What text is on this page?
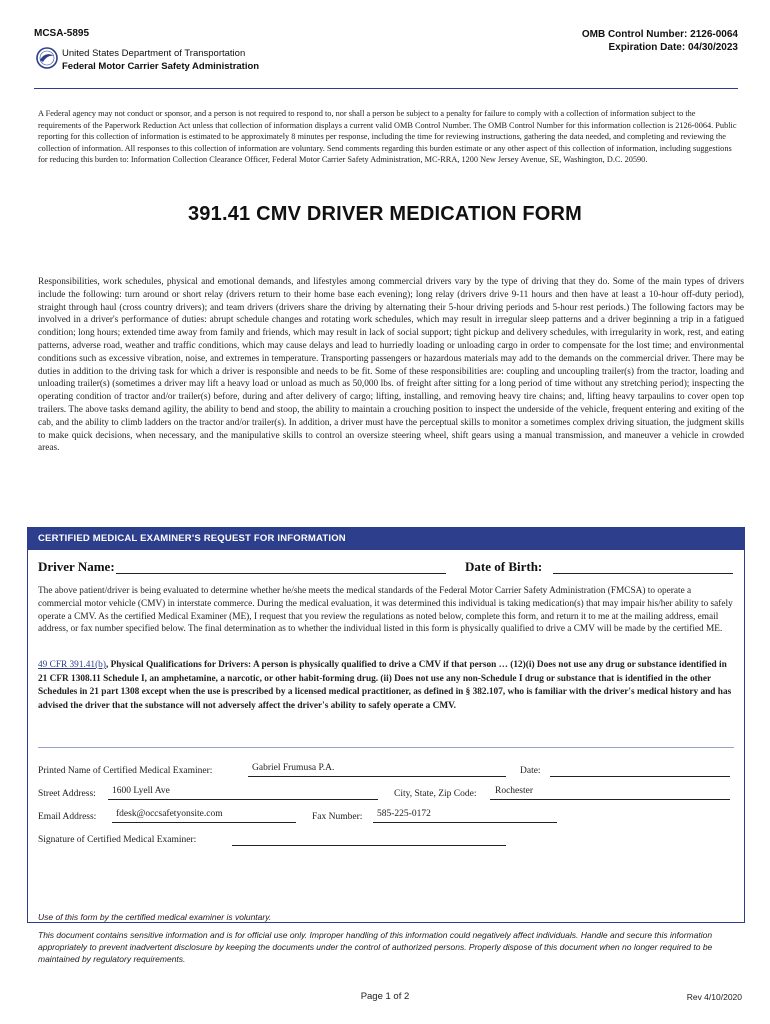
MCSA-5895
United States Department of Transportation
Federal Motor Carrier Safety Administration
OMB Control Number: 2126-0064
Expiration Date: 04/30/2023
A Federal agency may not conduct or sponsor, and a person is not required to respond to, nor shall a person be subject to a penalty for failure to comply with a collection of information subject to the requirements of the Paperwork Reduction Act unless that collection of information displays a current valid OMB Control Number. The OMB Control Number for this information collection is 2126-0064. Public reporting for this collection of information is estimated to be approximately 8 minutes per response, including the time for reviewing instructions, gathering the data needed, and completing and reviewing the collection of information. All responses to this collection of information are voluntary. Send comments regarding this burden estimate or any other aspect of this collection of information, including suggestions for reducing this burden to: Information Collection Clearance Officer, Federal Motor Carrier Safety Administration, MC-RRA, 1200 New Jersey Avenue, SE, Washington, D.C. 20590.
391.41 CMV DRIVER MEDICATION FORM
Responsibilities, work schedules, physical and emotional demands, and lifestyles among commercial drivers vary by the type of driving that they do. Some of the main types of drivers include the following: turn around or short relay (drivers return to their home base each evening); long relay (drivers drive 9-11 hours and then have at least a 10-hour off-duty period), straight through haul (cross country drivers); and team drivers (drivers share the driving by alternating their 5-hour driving periods and 5-hour rest periods.) The following factors may be involved in a driver's performance of duties: abrupt schedule changes and rotating work schedules, which may result in irregular sleep patterns and a driver beginning a trip in a fatigued condition; long hours; extended time away from family and friends, which may result in lack of social support; tight pickup and delivery schedules, with irregularity in work, rest, and eating patterns, adverse road, weather and traffic conditions, which may cause delays and lead to hurriedly loading or unloading cargo in order to compensate for the lost time; and environmental conditions such as excessive vibration, noise, and extremes in temperature. Transporting passengers or hazardous materials may add to the demands on the commercial driver. There may be duties in addition to the driving task for which a driver is responsible and needs to be fit. Some of these responsibilities are: coupling and uncoupling trailer(s) from the tractor, loading and unloading trailer(s) (sometimes a driver may lift a heavy load or unload as much as 50,000 lbs. of freight after sitting for a long period of time without any stretching period); inspecting the operating condition of tractor and/or trailer(s) before, during and after delivery of cargo; lifting, installing, and removing heavy tire chains; and, lifting heavy tarpaulins to cover open top trailers. The above tasks demand agility, the ability to bend and stoop, the ability to maintain a crouching position to inspect the underside of the vehicle, frequent entering and exiting of the cab, and the ability to climb ladders on the tractor and/or trailer(s). In addition, a driver must have the perceptual skills to monitor a sometimes complex driving situation, the judgment skills to make quick decisions, when necessary, and the manipulative skills to control an oversize steering wheel, shift gears using a manual transmission, and maneuver a vehicle in crowded areas.
CERTIFIED MEDICAL EXAMINER'S REQUEST FOR INFORMATION
Driver Name:	Date of Birth:
The above patient/driver is being evaluated to determine whether he/she meets the medical standards of the Federal Motor Carrier Safety Administration (FMCSA) to operate a commercial motor vehicle (CMV) in interstate commerce. During the medical evaluation, it was determined this individual is taking medication(s) that may impair his/her ability to safely operate a CMV. As the certified Medical Examiner (ME), I request that you review the regulations as noted below, complete this form, and return it to me at the mailing address, email address, or fax number specified below. The final determination as to whether the individual listed in this form is physically qualified to drive a CMV will be made by the certified ME.
49 CFR 391.41(b), Physical Qualifications for Drivers: A person is physically qualified to drive a CMV if that person … (12)(i) Does not use any drug or substance identified in 21 CFR 1308.11 Schedule I, an amphetamine, a narcotic, or other habit-forming drug. (ii) Does not use any non-Schedule I drug or substance that is identified in the other Schedules in 21 part 1308 except when the use is prescribed by a licensed medical practitioner, as defined in § 382.107, who is familiar with the driver's medical history and has advised the driver that the substance will not adversely affect the driver's ability to safely operate a CMV.
Printed Name of Certified Medical Examiner:	Gabriel Frumusa P.A.	Date:
Street Address: 1600 Lyell Ave	City, State, Zip Code: Rochester
Email Address: fdesk@occsafetyonsite.com	Fax Number: 585-225-0172
Signature of Certified Medical Examiner:
Use of this form by the certified medical examiner is voluntary.
This document contains sensitive information and is for official use only. Improper handling of this information could negatively affect individuals. Handle and secure this information appropriately to prevent inadvertent disclosure by keeping the documents under the control of authorized persons. Properly dispose of this document when no longer required to be maintained by regulatory requirements.
Page 1 of 2	Rev 4/10/2020
